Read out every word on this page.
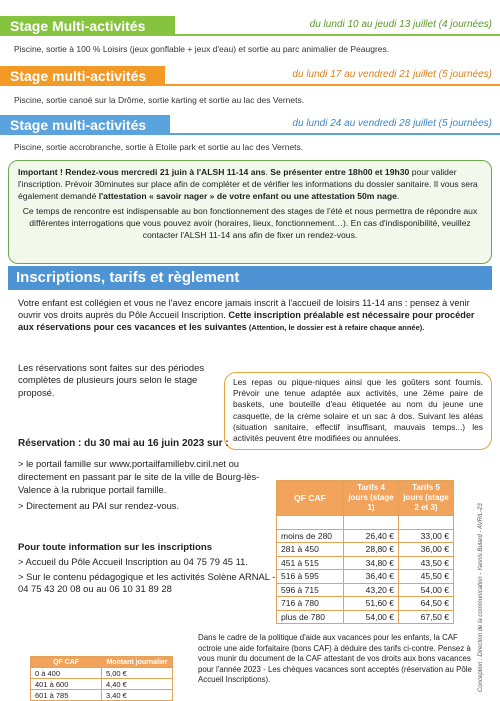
Stage Multi-activités	du lundi 10 au jeudi 13 juillet (4 journées)
Piscine, sortie à 100 % Loisirs (jeux gonflable + jeux d'eau) et sortie au parc animalier de Peaugres.
Stage multi-activités	du lundi 17 au vendredi 21 juillet (5 journées)
Piscine, sortie canoë sur la Drôme, sortie karting et sortie au lac des Vernets.
Stage multi-activités	du lundi 24 au vendredi 28 juillet (5 journées)
Piscine, sortie accrobranche, sortie à Etoile park et sortie au lac des Vernets.

Important ! Rendez-vous mercredi 21 juin à l'ALSH 11-14 ans. Se présenter entre 18h00 et 19h30 pour valider l'inscription. Prévoir 30minutes sur place afin de compléter et de vérifier les informations du dossier sanitaire. Il vous sera également demandé l'attestation « savoir nager » de votre enfant ou une attestation 50m nage.

Ce temps de rencontre est indispensable au bon fonctionnement des stages de l'été et nous permettra de répondre aux différentes interrogations que vous pouvez avoir (horaires, lieux, fonctionnement…). En cas d'indisponibilité, veuillez contacter l'ALSH 11-14 ans afin de fixer un rendez-vous.

Inscriptions, tarifs et règlement
Votre enfant est collégien et vous ne l'avez encore jamais inscrit à l'accueil de loisirs 11-14 ans : pensez à venir ouvrir vos droits auprès du Pôle Accueil Inscription. Cette inscription préalable est nécessaire pour procéder aux réservations pour ces vacances et les suivantes (Attention, le dossier est à refaire chaque année).
Les réservations sont faites sur des périodes complètes de plusieurs jours selon le stage proposé.
Les repas ou pique-niques ainsi que les goûters sont fournis. Prévoir une tenue adaptée aux activités, une 2ème paire de baskets, une bouteille d'eau étiquetée au nom du jeune une casquette, de la crème solaire et un sac à dos. Suivant les aléas (situation sanitaire, effectif insuffisant, mauvais temps...) les activités peuvent être modifiées ou annulées.
Réservation : du 30 mai au 16 juin 2023 sur :
> le portail famille sur www.portailfamillebv.ciril.net ou directement en passant par le site de la ville de Bourg-lès-Valence à la rubrique portail famille.
> Directement au PAI sur rendez-vous.
Pour toute information sur les inscriptions
> Accueil du Pôle Accueil Inscription au 04 75 79 45 11.
> Sur le contenu pédagogique et les activités Solène ARNAL - 04 75 43 20 08 ou au 06 10 31 89 28
QF CAF	Tarifs 4 jours (stage 1)	Tarifs 5 jours (stage 2 et 3)

moins de 280	26,40 €	33,00 €
281 à 450	28,80 €	36,00 €
451 à 515	34,80 €	43,50 €
516 à 595	36,40 €	45,50 €
596 à 715	43,20 €	54,00 €
716 à 780	51,60 €	64,50 €
plus de 780	54,00 €	67,50 €
QF CAF	Montant journalier
0 à 400	5,00 €
401 à 600	4,40 €
601 à 785	3,40 €
Dans le cadre de la politique d'aide aux vacances pour les enfants, la CAF octroie une aide forfaitaire (bons CAF) à déduire des tarifs ci-contre. Pensez à vous munir du document de la CAF attestant de vos droits aux bons vacances pour l'année 2023 - Les chèques vacances sont acceptés (réservation au Pôle Accueil Inscriptions).	Conception : Direction de la communication - Yannis Bulard - AVRIL-23
